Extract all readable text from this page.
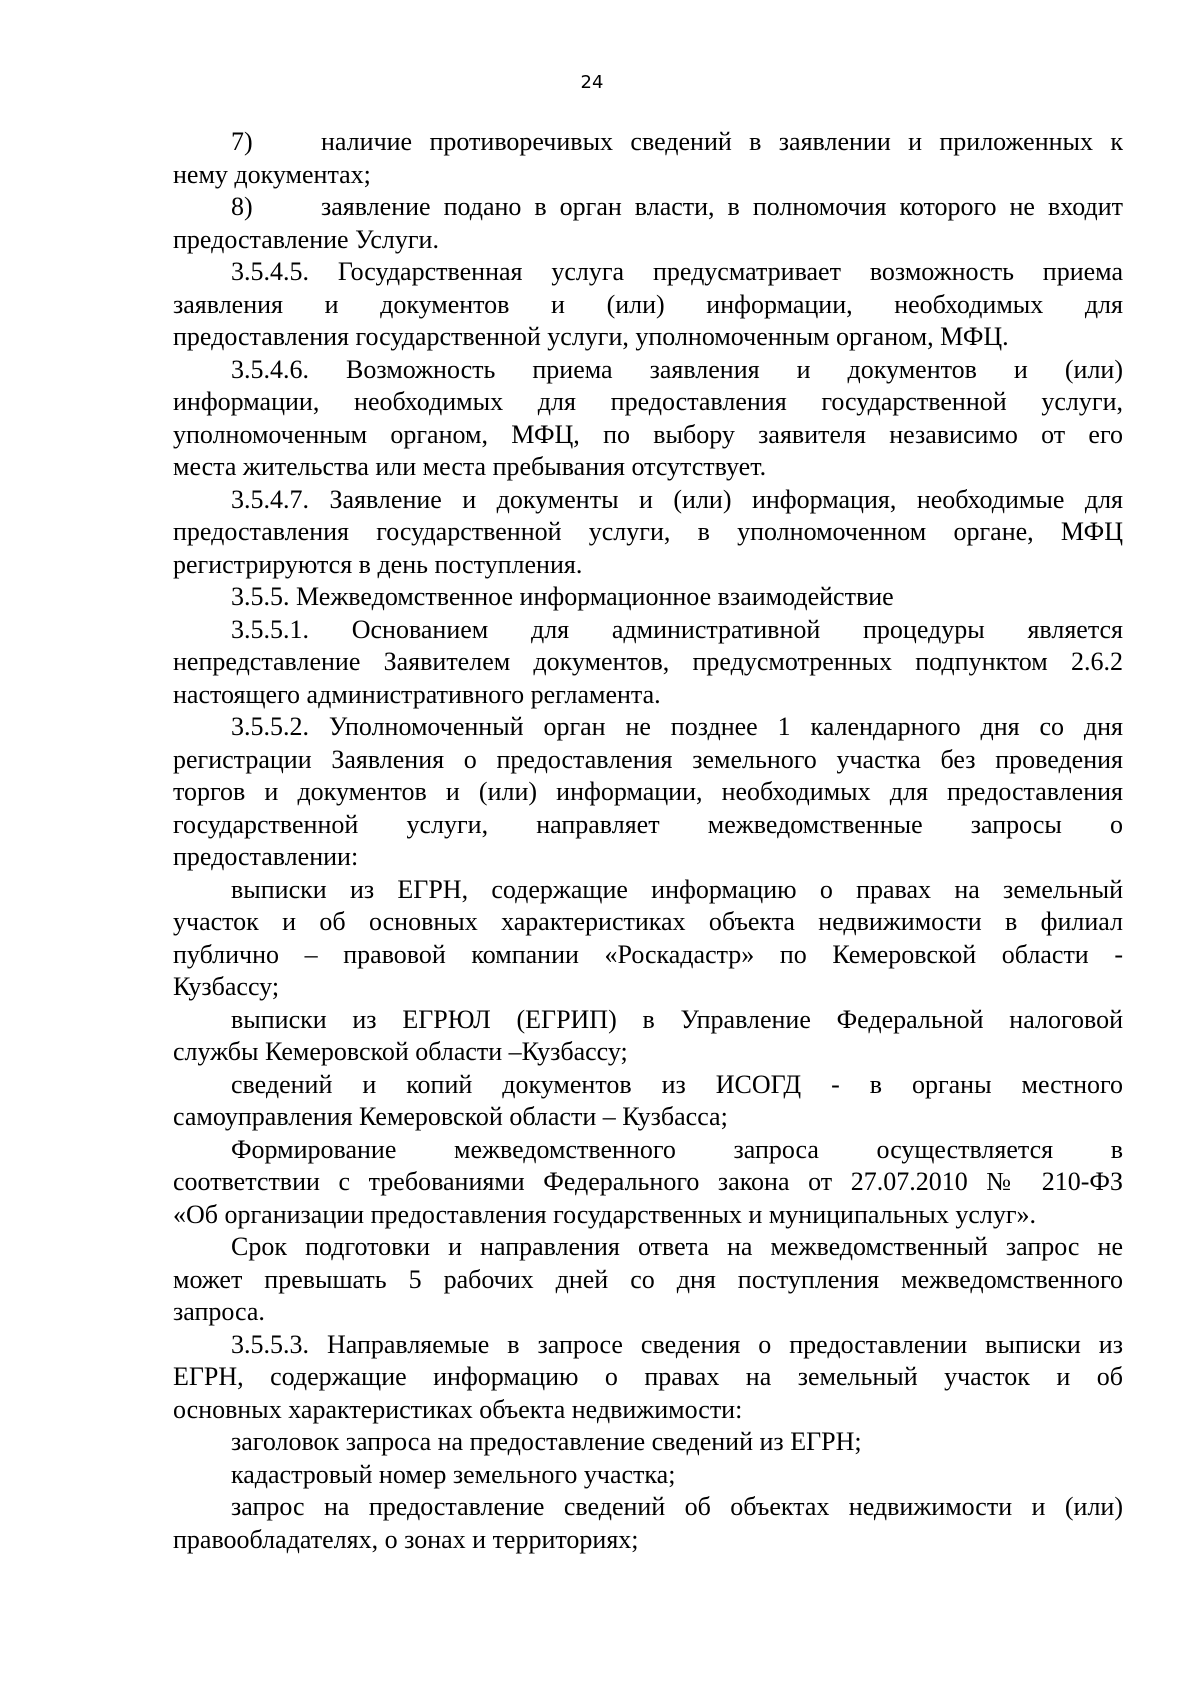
24
7)	наличие противоречивых сведений в заявлении и приложенных к
нему документах;
8)	заявление подано в орган власти, в полномочия которого не входит
предоставление Услуги.
3.5.4.5. Государственная услуга предусматривает возможность приема
заявления и документов и (или) информации, необходимых для
предоставления государственной услуги, уполномоченным органом, МФЦ.
3.5.4.6. Возможность приема заявления и документов и (или)
информации, необходимых для предоставления государственной услуги,
уполномоченным органом, МФЦ, по выбору заявителя независимо от его
места жительства или места пребывания отсутствует.
3.5.4.7. Заявление и документы и (или) информация, необходимые для
предоставления государственной услуги, в уполномоченном органе, МФЦ
регистрируются в день поступления.
3.5.5. Межведомственное информационное взаимодействие
3.5.5.1. Основанием для административной процедуры является
непредставление Заявителем документов, предусмотренных подпунктом 2.6.2
настоящего административного регламента.
3.5.5.2. Уполномоченный орган не позднее 1 календарного дня со дня
регистрации Заявления о предоставления земельного участка без проведения
торгов и документов и (или) информации, необходимых для предоставления
государственной услуги, направляет межведомственные запросы о
предоставлении:
выписки из ЕГРН, содержащие информацию о правах на земельный
участок и об основных характеристиках объекта недвижимости в филиал
публично – правовой компании «Роскадастр» по Кемеровской области -
Кузбассу;
выписки из ЕГРЮЛ (ЕГРИП) в Управление Федеральной налоговой
службы Кемеровской области –Кузбассу;
сведений и копий документов из ИСОГД - в органы местного
самоуправления Кемеровской области – Кузбасса;
Формирование межведомственного запроса осуществляется в
соответствии с требованиями Федерального закона от 27.07.2010 № 210-ФЗ
«Об организации предоставления государственных и муниципальных услуг».
Срок подготовки и направления ответа на межведомственный запрос не
может превышать 5 рабочих дней со дня поступления межведомственного
запроса.
3.5.5.3. Направляемые в запросе сведения о предоставлении выписки из
ЕГРН, содержащие информацию о правах на земельный участок и об
основных характеристиках объекта недвижимости:
заголовок запроса на предоставление сведений из ЕГРН;
кадастровый номер земельного участка;
запрос на предоставление сведений об объектах недвижимости и (или)
правообладателях, о зонах и территориях;
